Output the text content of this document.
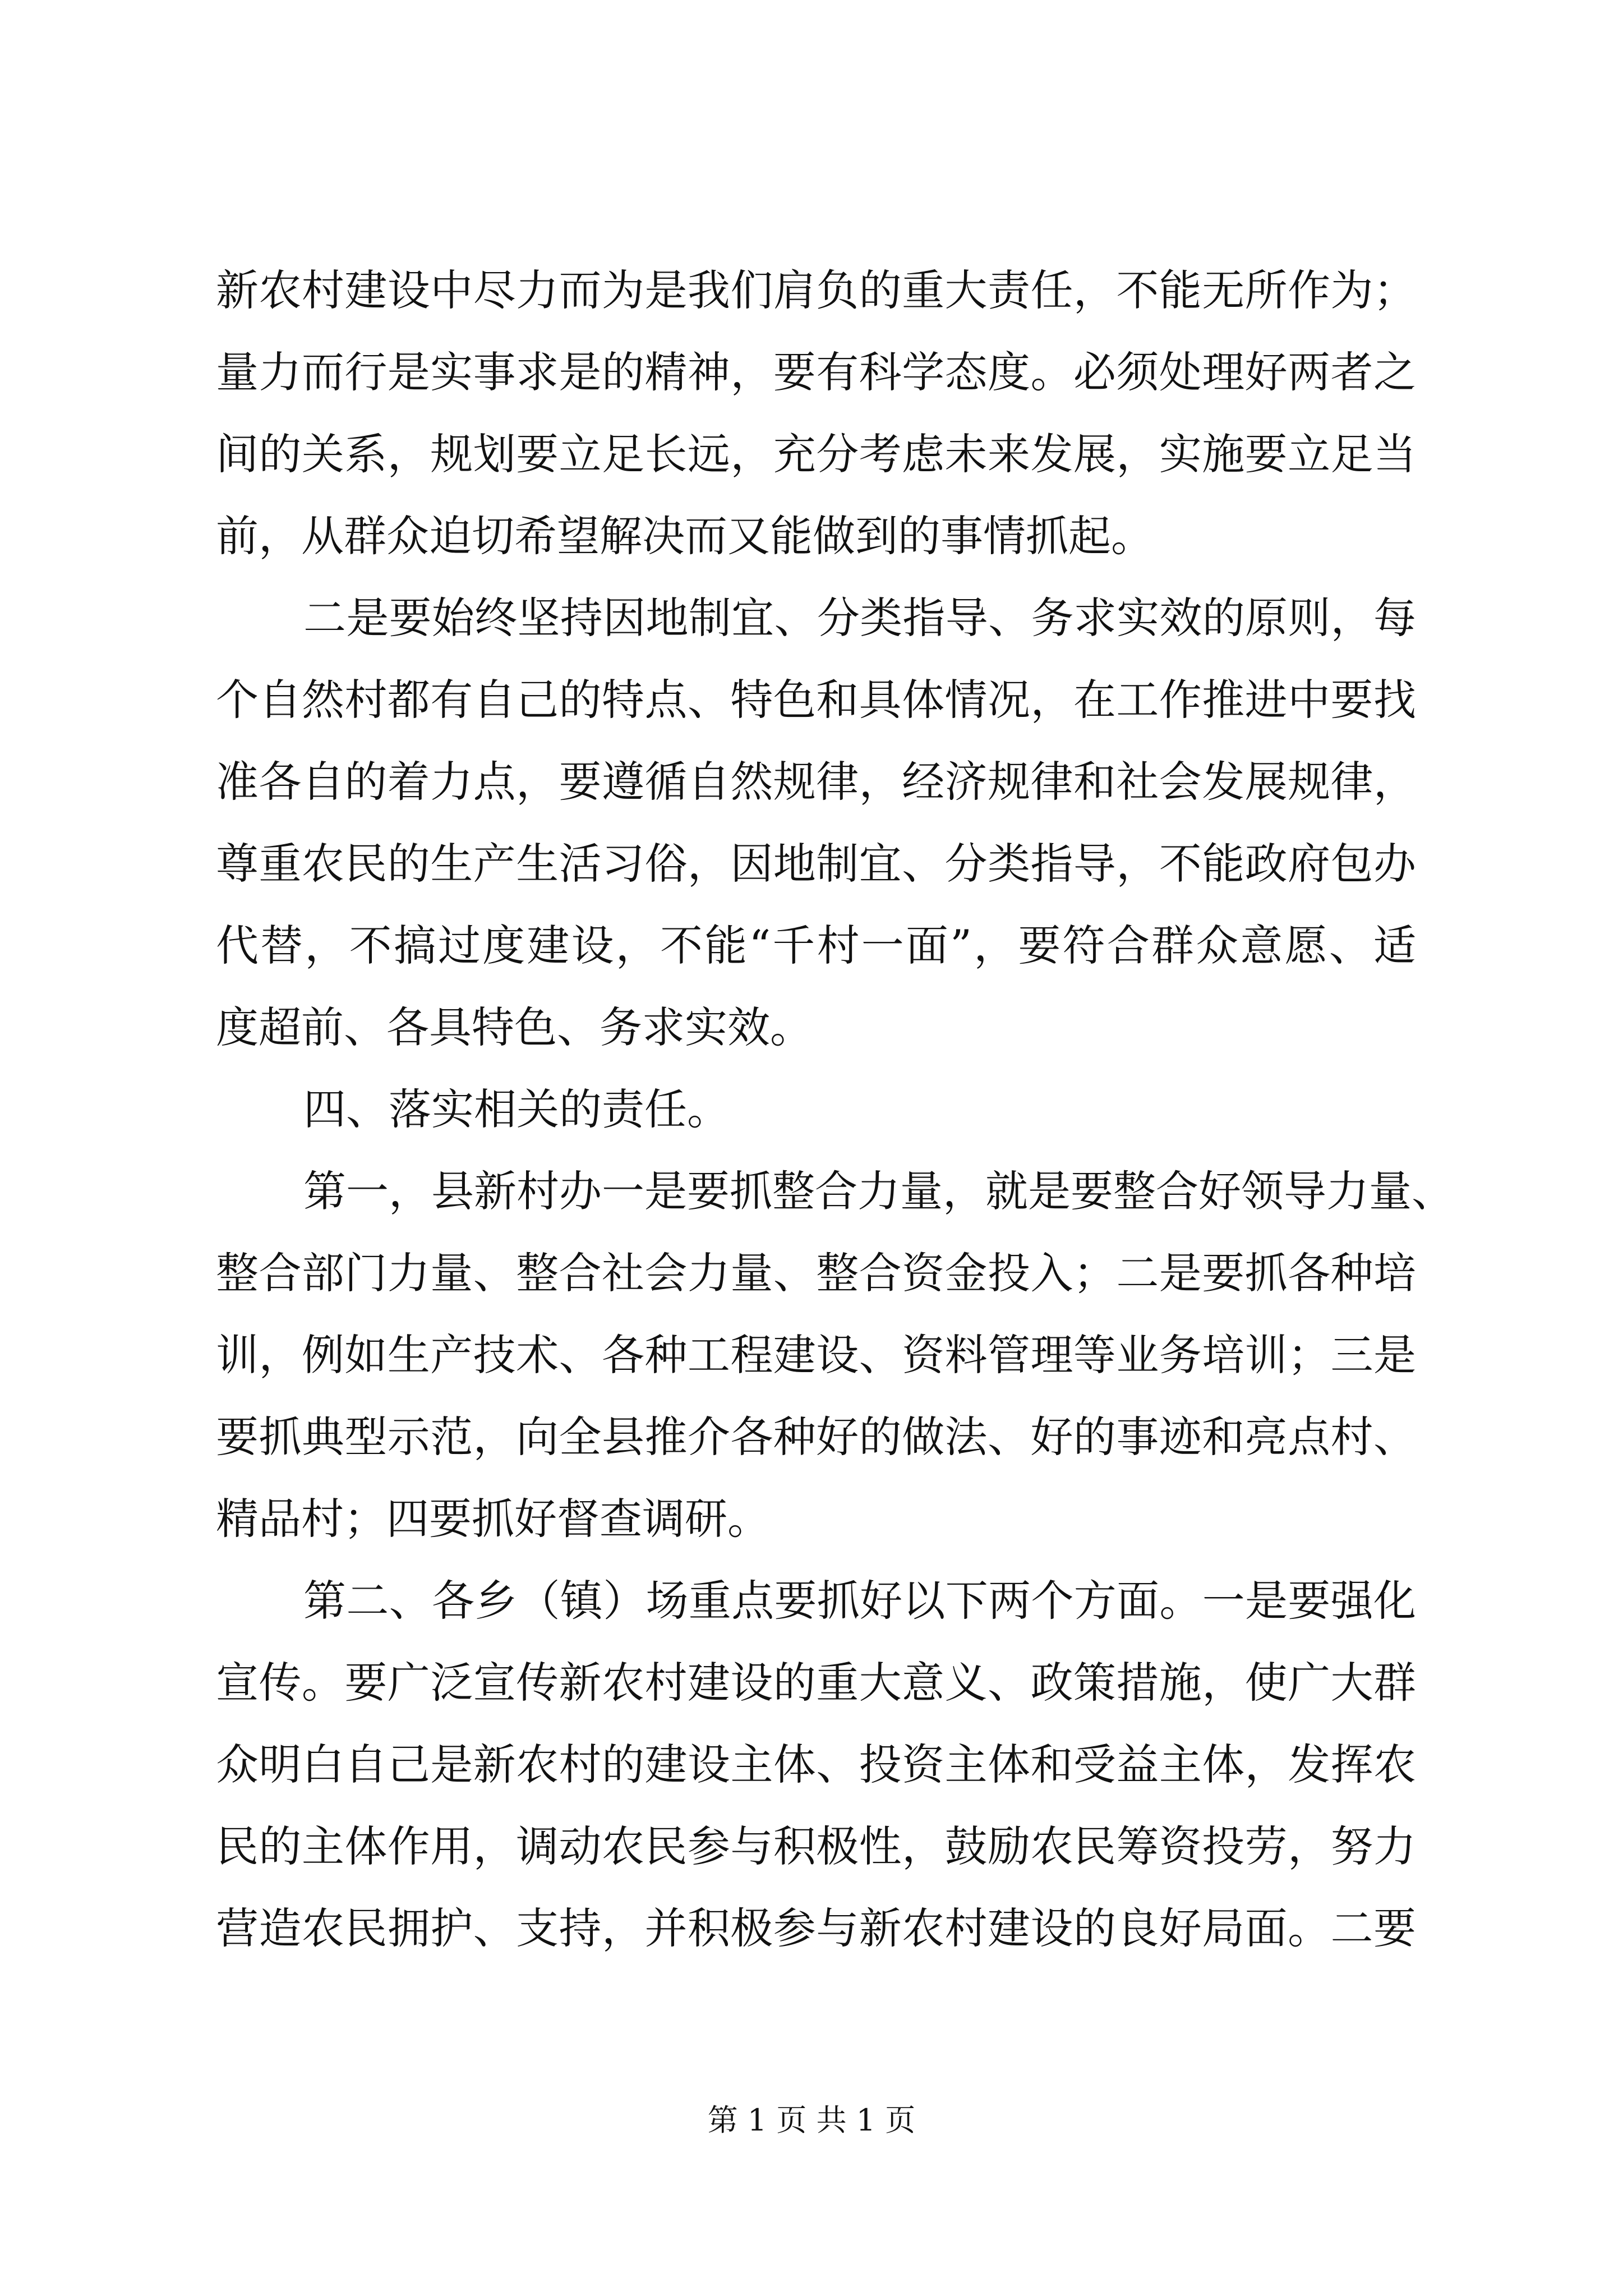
新农村建设中尽力而为是我们肩负的重大责任，不能无所作为；
量力而行是实事求是的精神，要有科学态度。必须处理好两者之
间的关系，规划要立足长远，充分考虑未来发展，实施要立足当
前，从群众迫切希望解决而又能做到的事情抓起。
二是要始终坚持因地制宜、分类指导、务求实效的原则，每
个自然村都有自己的特点、特色和具体情况，在工作推进中要找
准各自的着力点，要遵循自然规律，经济规律和社会发展规律，
尊重农民的生产生活习俗，因地制宜、分类指导，不能政府包办
代替，不搞过度建设，不能“千村一面”，要符合群众意愿、适
度超前、各具特色、务求实效。
四、落实相关的责任。
第一，县新村办一是要抓整合力量，就是要整合好领导力量、
整合部门力量、整合社会力量、整合资金投入；二是要抓各种培
训，例如生产技术、各种工程建设、资料管理等业务培训；三是
要抓典型示范，向全县推介各种好的做法、好的事迹和亮点村、
精品村；四要抓好督查调研。
第二、各乡（镇）场重点要抓好以下两个方面。一是要强化
宣传。要广泛宣传新农村建设的重大意义、政策措施，使广大群
众明白自己是新农村的建设主体、投资主体和受益主体，发挥农
民的主体作用，调动农民参与积极性，鼓励农民筹资投劳，努力
营造农民拥护、支持，并积极参与新农村建设的良好局面。二要
第 1 页 共 1 页
